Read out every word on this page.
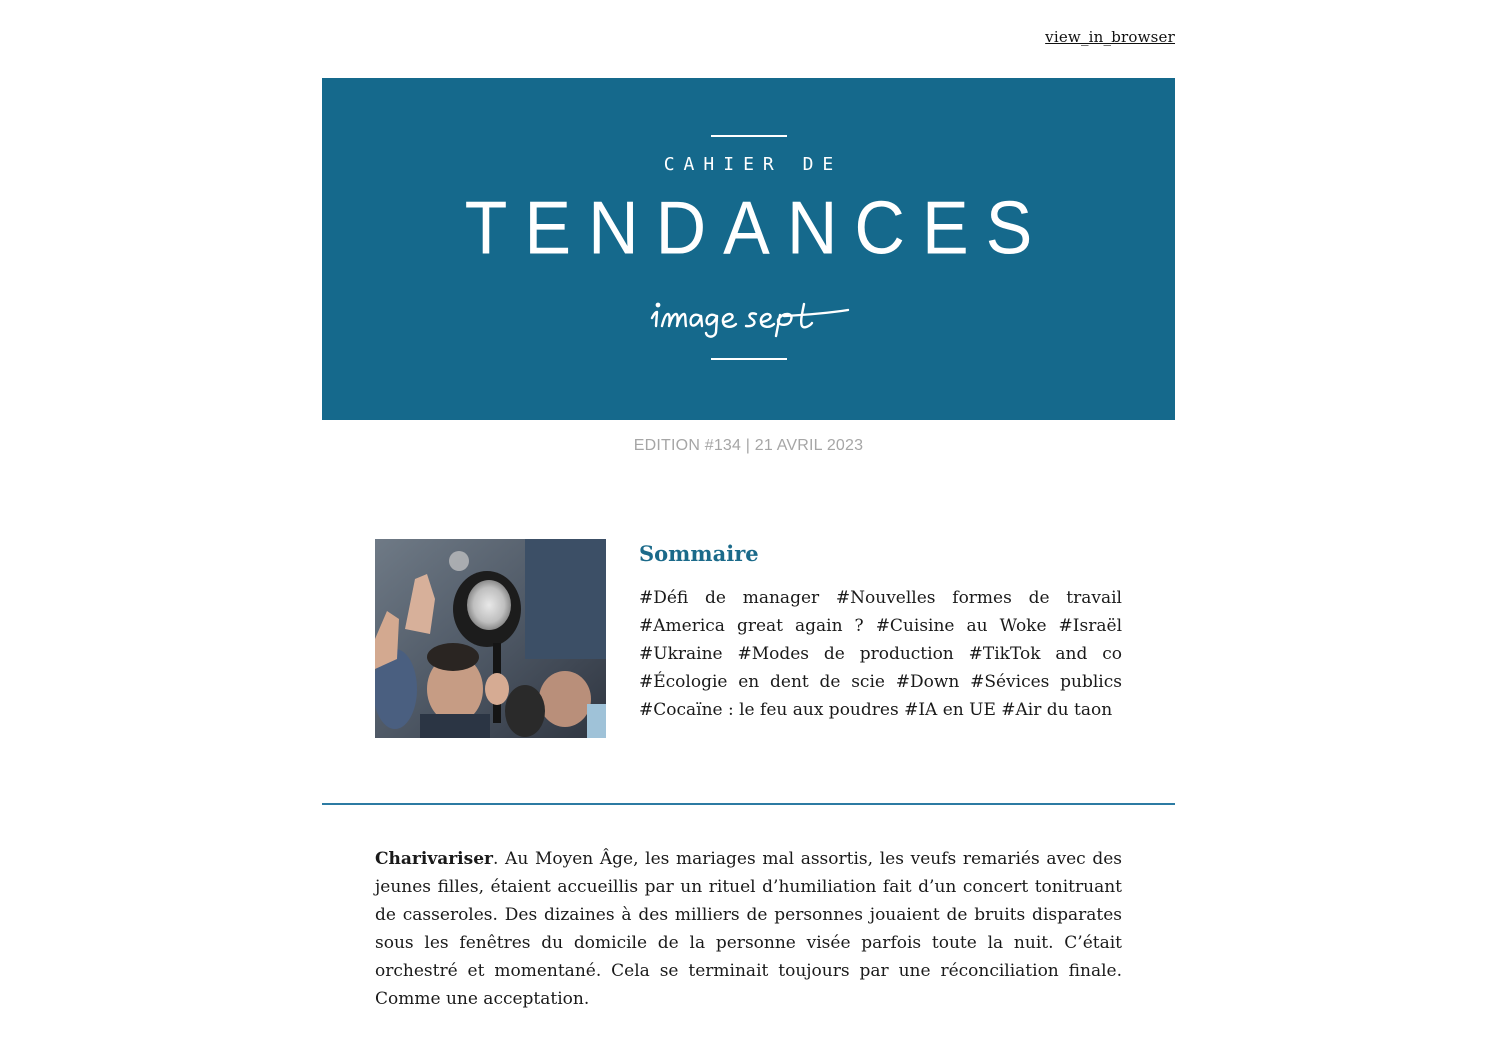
view_in_browser
CAHIER DE
TENDANCES
EDITION #134 | 21 AVRIL 2023
Sommaire
#Défi de manager #Nouvelles formes de travail #America great again ? #Cuisine au Woke #Israël #Ukraine #Modes de production #TikTok and co #Écologie en dent de scie #Down #Sévices publics #Cocaïne : le feu aux poudres #IA en UE #Air du taon
Charivariser. Au Moyen Âge, les mariages mal assortis, les veufs remariés avec des jeunes filles, étaient accueillis par un rituel d’humiliation fait d’un concert tonitruant de casseroles. Des dizaines à des milliers de personnes jouaient de bruits disparates sous les fenêtres du domicile de la personne visée parfois toute la nuit. C’était orchestré et momentané. Cela se terminait toujours par une réconciliation finale. Comme une acceptation.
